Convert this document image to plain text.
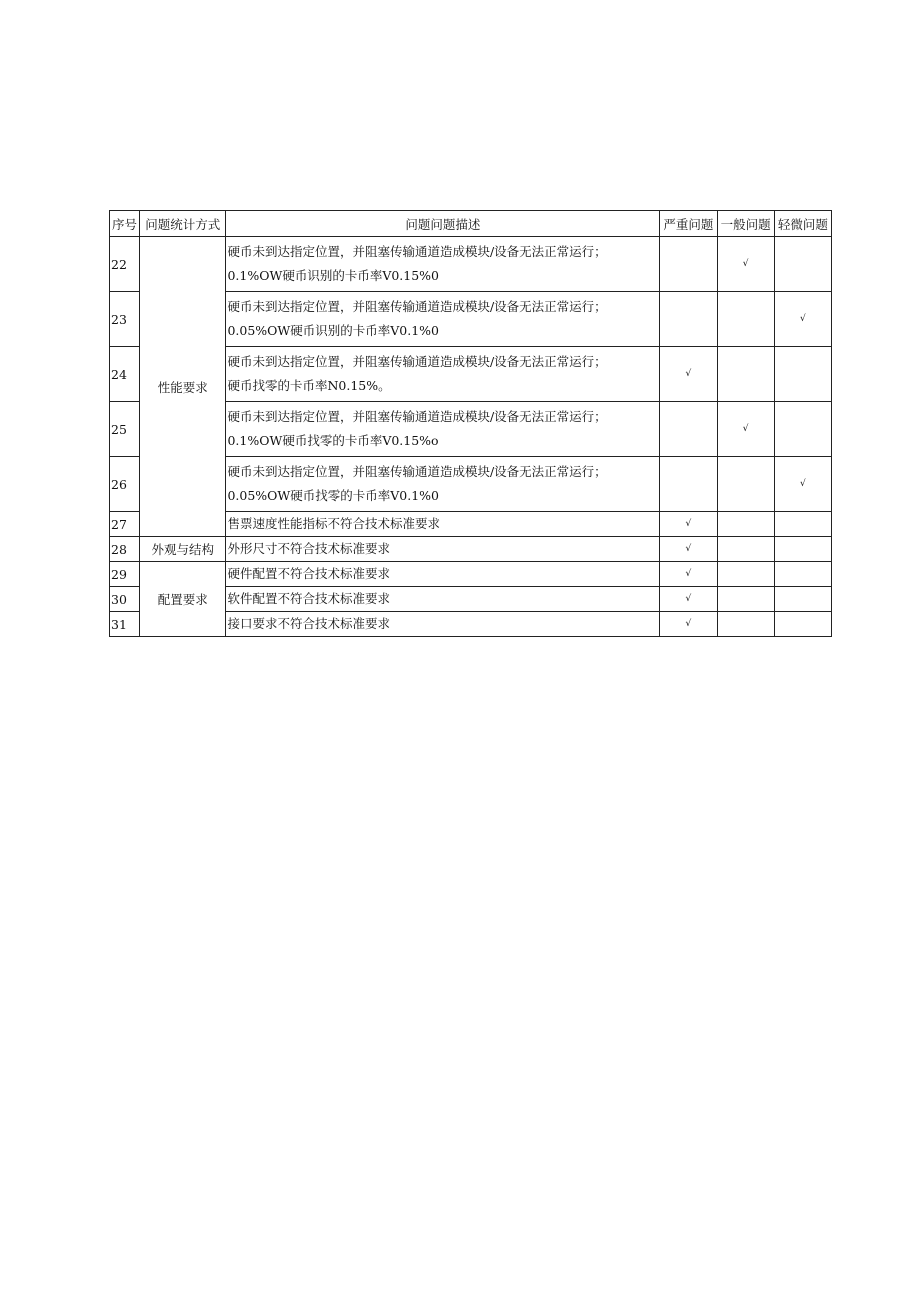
序号	问题统计方式	问题问题描述	严重问题	一般问题	轻微问题
22	性能要求	硬币未到达指定位置，并阻塞传输通道造成模块/设备无法正常运行；
0.1%OW硬币识别的卡币率V0.15%0		√	
23		硬币未到达指定位置，并阻塞传输通道造成模块/设备无法正常运行；
0.05%OW硬币识别的卡币率V0.1%0			√
24		硬币未到达指定位置，并阻塞传输通道造成模块/设备无法正常运行；
硬币找零的卡币率N0.15%。	√		
25		硬币未到达指定位置，并阻塞传输通道造成模块/设备无法正常运行；
0.1%OW硬币找零的卡币率V0.15%o		√	
26		硬币未到达指定位置，并阻塞传输通道造成模块/设备无法正常运行；
0.05%OW硬币找零的卡币率V0.1%0			√
27		售票速度性能指标不符合技术标准要求	√		
28	外观与结构	外形尺寸不符合技术标准要求	√		
29	配置要求	硬件配置不符合技术标准要求	√		
30		软件配置不符合技术标准要求	√		
31		接口要求不符合技术标准要求	√		
